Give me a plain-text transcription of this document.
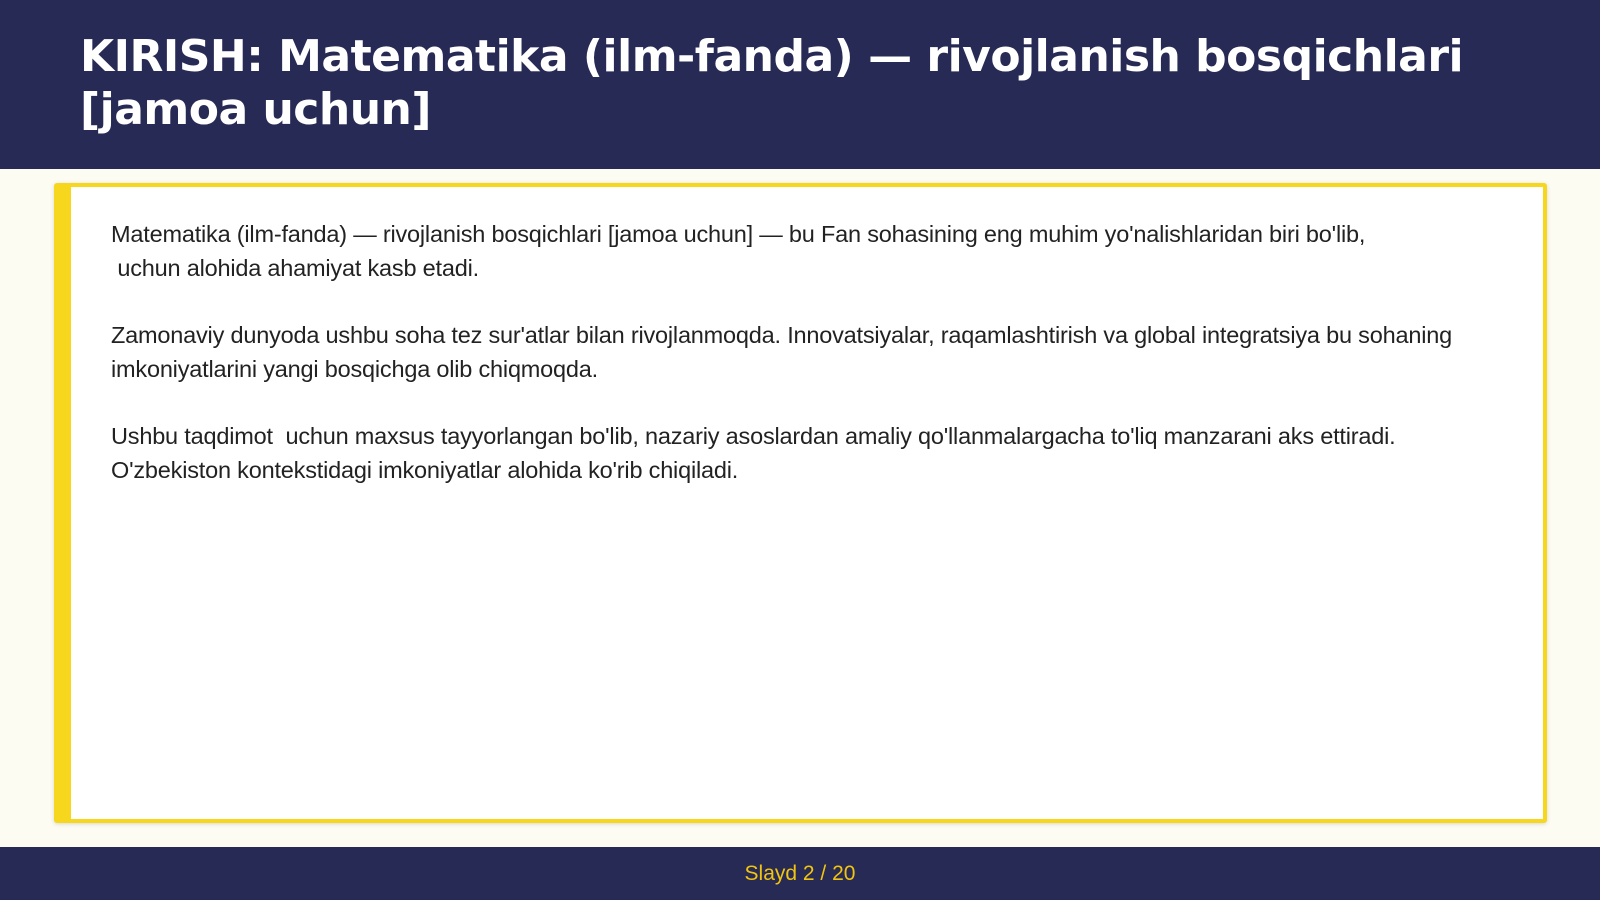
KIRISH: Matematika (ilm-fanda) — rivojlanish bosqichlari [jamoa uchun]

Matematika (ilm-fanda) — rivojlanish bosqichlari [jamoa uchun] — bu Fan sohasining eng muhim yo'nalishlaridan biri bo'lib,
uchun alohida ahamiyat kasb etadi.

Zamonaviy dunyoda ushbu soha tez sur'atlar bilan rivojlanmoqda. Innovatsiyalar, raqamlashtirish va global integratsiya bu sohaning imkoniyatlarini yangi bosqichga olib chiqmoqda.

Ushbu taqdimot  uchun maxsus tayyorlangan bo'lib, nazariy asoslardan amaliy qo'llanmalargacha to'liq manzarani aks ettiradi. O'zbekiston kontekstidagi imkoniyatlar alohida ko'rib chiqiladi.

Slayd 2 / 20
